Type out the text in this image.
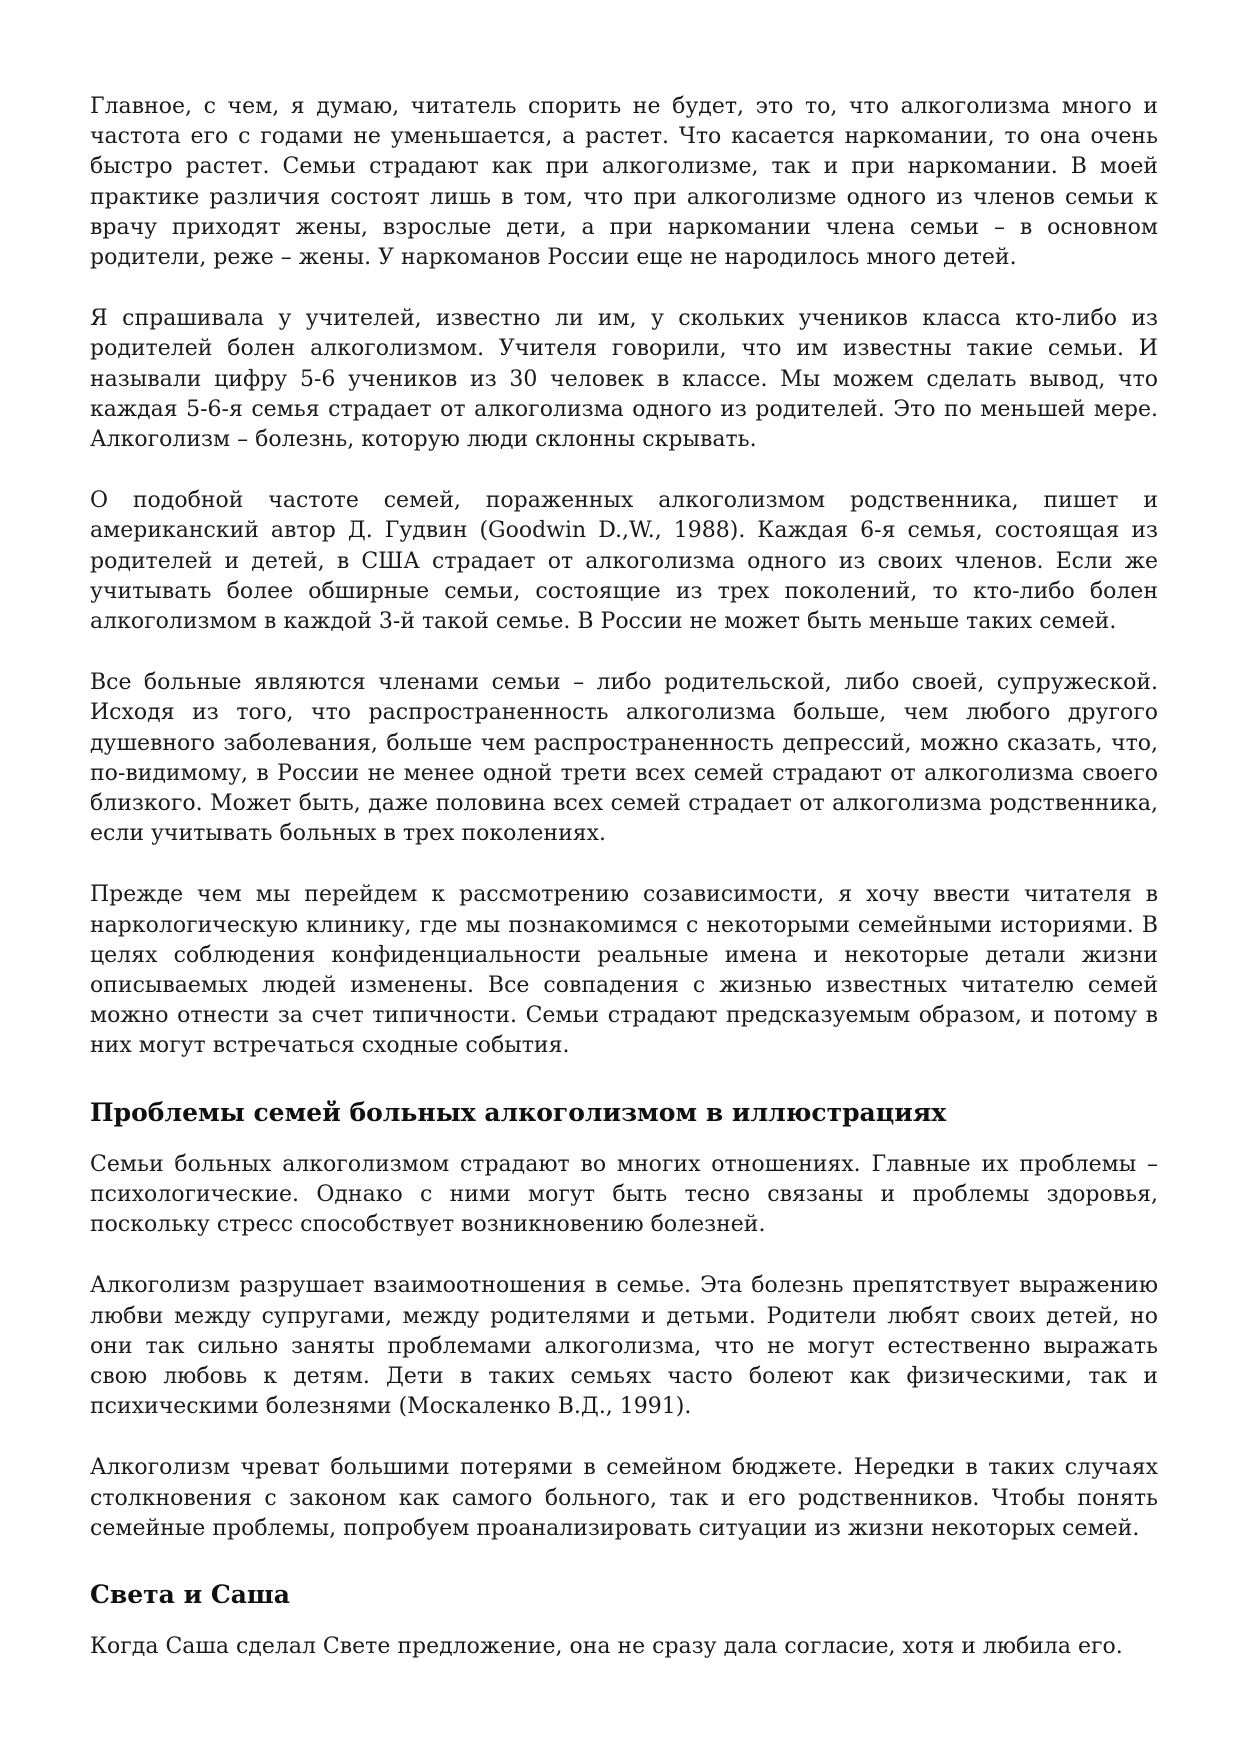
Главное, с чем, я думаю, читатель спорить не будет, это то, что алкоголизма много и частота его с годами не уменьшается, а растет. Что касается наркомании, то она очень быстро растет. Семьи страдают как при алкоголизме, так и при наркомании. В моей практике различия состоят лишь в том, что при алкоголизме одного из членов семьи к врачу приходят жены, взрослые дети, а при наркомании члена семьи – в основном родители, реже – жены. У наркоманов России еще не народилось много детей.

Я спрашивала у учителей, известно ли им, у скольких учеников класса кто-либо из родителей болен алкоголизмом. Учителя говорили, что им известны такие семьи. И называли цифру 5-6 учеников из 30 человек в классе. Мы можем сделать вывод, что каждая 5-6-я семья страдает от алкоголизма одного из родителей. Это по меньшей мере. Алкоголизм – болезнь, которую люди склонны скрывать.

О подобной частоте семей, пораженных алкоголизмом родственника, пишет и американский автор Д. Гудвин (Goodwin D.,W., 1988). Каждая 6-я семья, состоящая из родителей и детей, в США страдает от алкоголизма одного из своих членов. Если же учитывать более обширные семьи, состоящие из трех поколений, то кто-либо болен алкоголизмом в каждой 3-й такой семье. В России не может быть меньше таких семей.

Все больные являются членами семьи – либо родительской, либо своей, супружеской. Исходя из того, что распространенность алкоголизма больше, чем любого другого душевного заболевания, больше чем распространенность депрессий, можно сказать, что, по-видимому, в России не менее одной трети всех семей страдают от алкоголизма своего близкого. Может быть, даже половина всех семей страдает от алкоголизма родственника, если учитывать больных в трех поколениях.

Прежде чем мы перейдем к рассмотрению созависимости, я хочу ввести читателя в наркологическую клинику, где мы познакомимся с некоторыми семейными историями. В целях соблюдения конфиденциальности реальные имена и некоторые детали жизни описываемых людей изменены. Все совпадения с жизнью известных читателю семей можно отнести за счет типичности. Семьи страдают предсказуемым образом, и потому в них могут встречаться сходные события.

Проблемы семей больных алкоголизмом в иллюстрациях

Семьи больных алкоголизмом страдают во многих отношениях. Главные их проблемы – психологические. Однако с ними могут быть тесно связаны и проблемы здоровья, поскольку стресс способствует возникновению болезней.

Алкоголизм разрушает взаимоотношения в семье. Эта болезнь препятствует выражению любви между супругами, между родителями и детьми. Родители любят своих детей, но они так сильно заняты проблемами алкоголизма, что не могут естественно выражать свою любовь к детям. Дети в таких семьях часто болеют как физическими, так и психическими болезнями (Москаленко В.Д., 1991).

Алкоголизм чреват большими потерями в семейном бюджете. Нередки в таких случаях столкновения с законом как самого больного, так и его родственников. Чтобы понять семейные проблемы, попробуем проанализировать ситуации из жизни некоторых семей.

Света и Саша

Когда Саша сделал Свете предложение, она не сразу дала согласие, хотя и любила его.
